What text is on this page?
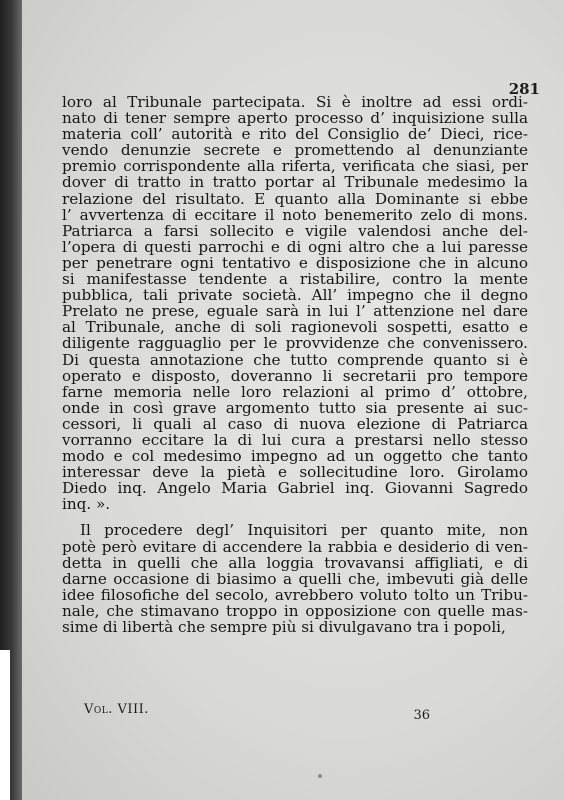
281
loro al Tribunale partecipata. Si è inoltre ad essi ordi-
nato di tener sempre aperto processo d’ inquisizione sulla
materia coll’ autorità e rito del Consiglio de’ Dieci, rice-
vendo denunzie secrete e promettendo al denunziante
premio corrispondente alla riferta, verificata che siasi, per
dover di tratto in tratto portar al Tribunale medesimo la
relazione del risultato. E quanto alla Dominante si ebbe
l’ avvertenza di eccitare il noto benemerito zelo di mons.
Patriarca a farsi sollecito e vigile valendosi anche del-
l’opera di questi parrochi e di ogni altro che a lui paresse
per penetrare ogni tentativo e disposizione che in alcuno
si manifestasse tendente a ristabilire, contro la mente
pubblica, tali private società. All’ impegno che il degno
Prelato ne prese, eguale sarà in lui l’ attenzione nel dare
al Tribunale, anche di soli ragionevoli sospetti, esatto e
diligente ragguaglio per le provvidenze che convenissero.
Di questa annotazione che tutto comprende quanto si è
operato e disposto, doveranno li secretarii pro tempore
farne memoria nelle loro relazioni al primo d’ ottobre,
onde in così grave argomento tutto sia presente ai suc-
cessori, li quali al caso di nuova elezione di Patriarca
vorranno eccitare la di lui cura a prestarsi nello stesso
modo e col medesimo impegno ad un oggetto che tanto
interessar deve la pietà e sollecitudine loro. Girolamo
Diedo inq. Angelo Maria Gabriel inq. Giovanni Sagredo
inq. ».
Il procedere degl’ Inquisitori per quanto mite, non
potè però evitare di accendere la rabbia e desiderio di ven-
detta in quelli che alla loggia trovavansi affigliati, e di
darne occasione di biasimo a quelli che, imbevuti già delle
idee filosofiche del secolo, avrebbero voluto tolto un Tribu-
nale, che stimavano troppo in opposizione con quelle mas-
sime di libertà che sempre più si divulgavano tra i popoli,
Vol. VIII.	36
